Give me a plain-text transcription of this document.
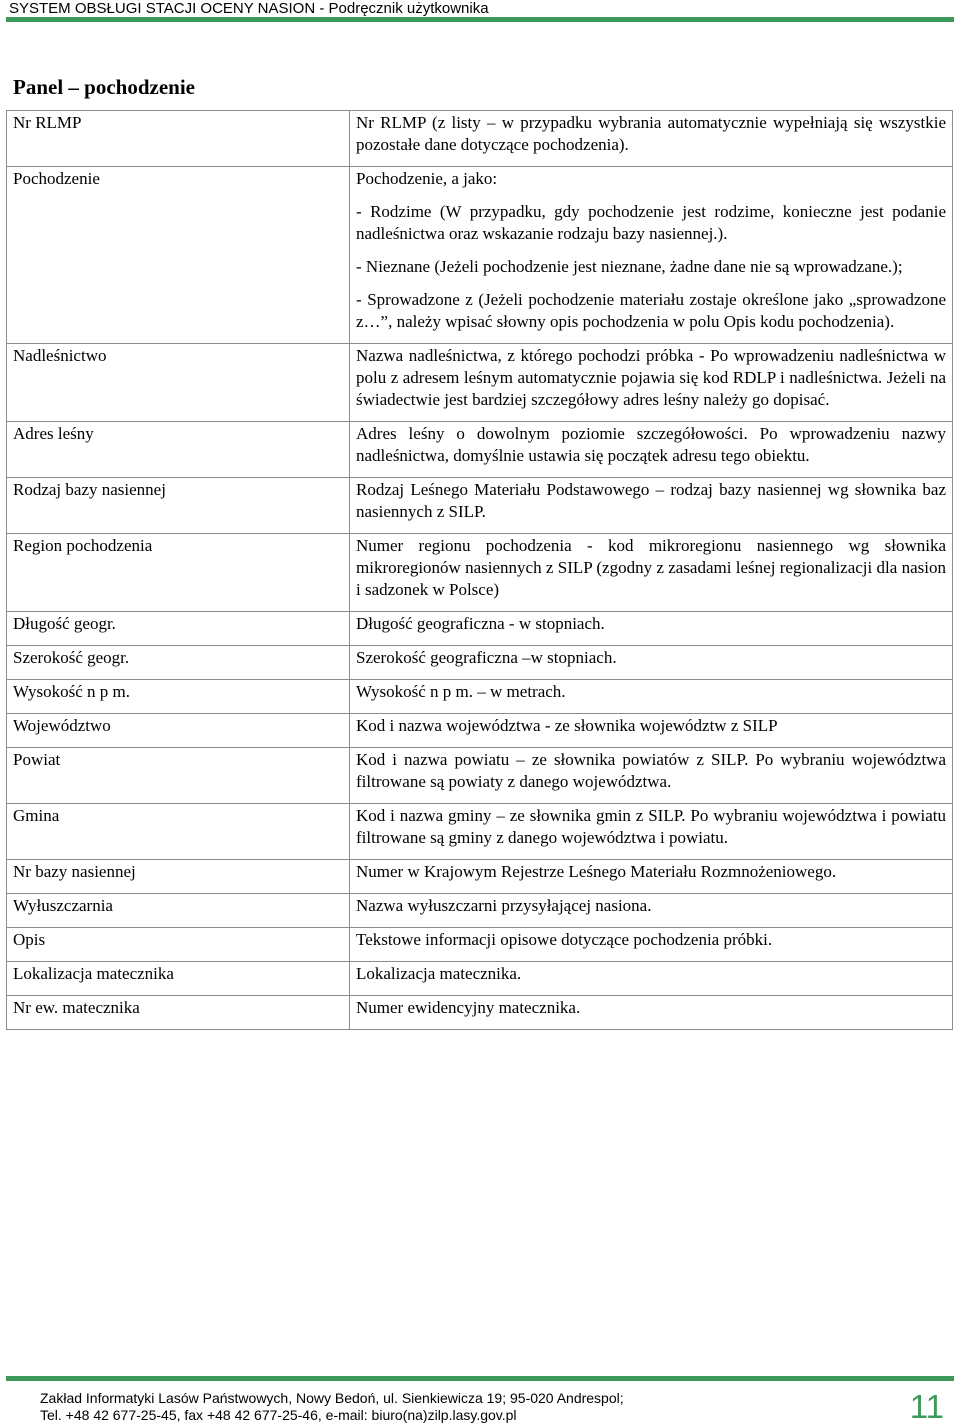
SYSTEM OBSŁUGI STACJI OCENY NASION - Podręcznik użytkownika
Panel – pochodzenie
Nr RLMP	Nr RLMP (z listy – w przypadku wybrania automatycznie wypełniają się wszystkie pozostałe dane dotyczące pochodzenia).

Pochodzenie	Pochodzenie, a jako:
- Rodzime (W przypadku, gdy pochodzenie jest rodzime, konieczne jest podanie nadleśnictwa oraz wskazanie rodzaju bazy nasiennej.).
- Nieznane (Jeżeli pochodzenie jest nieznane, żadne dane nie są wprowadzane.);
- Sprowadzone z (Jeżeli pochodzenie materiału zostaje określone jako „sprowadzone z…”, należy wpisać słowny opis pochodzenia w polu Opis kodu pochodzenia).

Nadleśnictwo	Nazwa nadleśnictwa, z którego pochodzi próbka - Po wprowadzeniu nadleśnictwa w polu z adresem leśnym automatycznie pojawia się kod RDLP i nadleśnictwa. Jeżeli na świadectwie jest bardziej szczegółowy adres leśny należy go dopisać.

Adres leśny	Adres leśny o dowolnym poziomie szczegółowości. Po wprowadzeniu nazwy nadleśnictwa, domyślnie ustawia się początek adresu tego obiektu.

Rodzaj bazy nasiennej	Rodzaj Leśnego Materiału Podstawowego – rodzaj bazy nasiennej wg słownika baz nasiennych z SILP.

Region pochodzenia	Numer regionu pochodzenia - kod mikroregionu nasiennego wg słownika mikroregionów nasiennych z SILP (zgodny z zasadami leśnej regionalizacji dla nasion i sadzonek w Polsce)

Długość geogr.	Długość geograficzna - w stopniach.

Szerokość geogr.	Szerokość geograficzna –w stopniach.

Wysokość n p m.	Wysokość n p m. – w metrach.

Województwo	Kod i nazwa województwa - ze słownika województw z SILP

Powiat	Kod i nazwa powiatu – ze słownika powiatów z SILP. Po wybraniu województwa filtrowane są powiaty z danego województwa.

Gmina	Kod i nazwa gminy – ze słownika gmin z SILP. Po wybraniu województwa i powiatu filtrowane są gminy z danego województwa i powiatu.

Nr bazy nasiennej	Numer w Krajowym Rejestrze Leśnego Materiału Rozmnożeniowego.

Wyłuszczarnia	Nazwa wyłuszczarni przysyłającej nasiona.

Opis	Tekstowe informacji opisowe dotyczące pochodzenia próbki.

Lokalizacja matecznika	Lokalizacja matecznika.

Nr ew. matecznika	Numer ewidencyjny matecznika.
Zakład Informatyki Lasów Państwowych, Nowy Bedoń, ul. Sienkiewicza 19; 95-020 Andrespol;
Tel. +48 42 677-25-45, fax +48 42 677-25-46, e-mail: biuro(na)zilp.lasy.gov.pl	11
